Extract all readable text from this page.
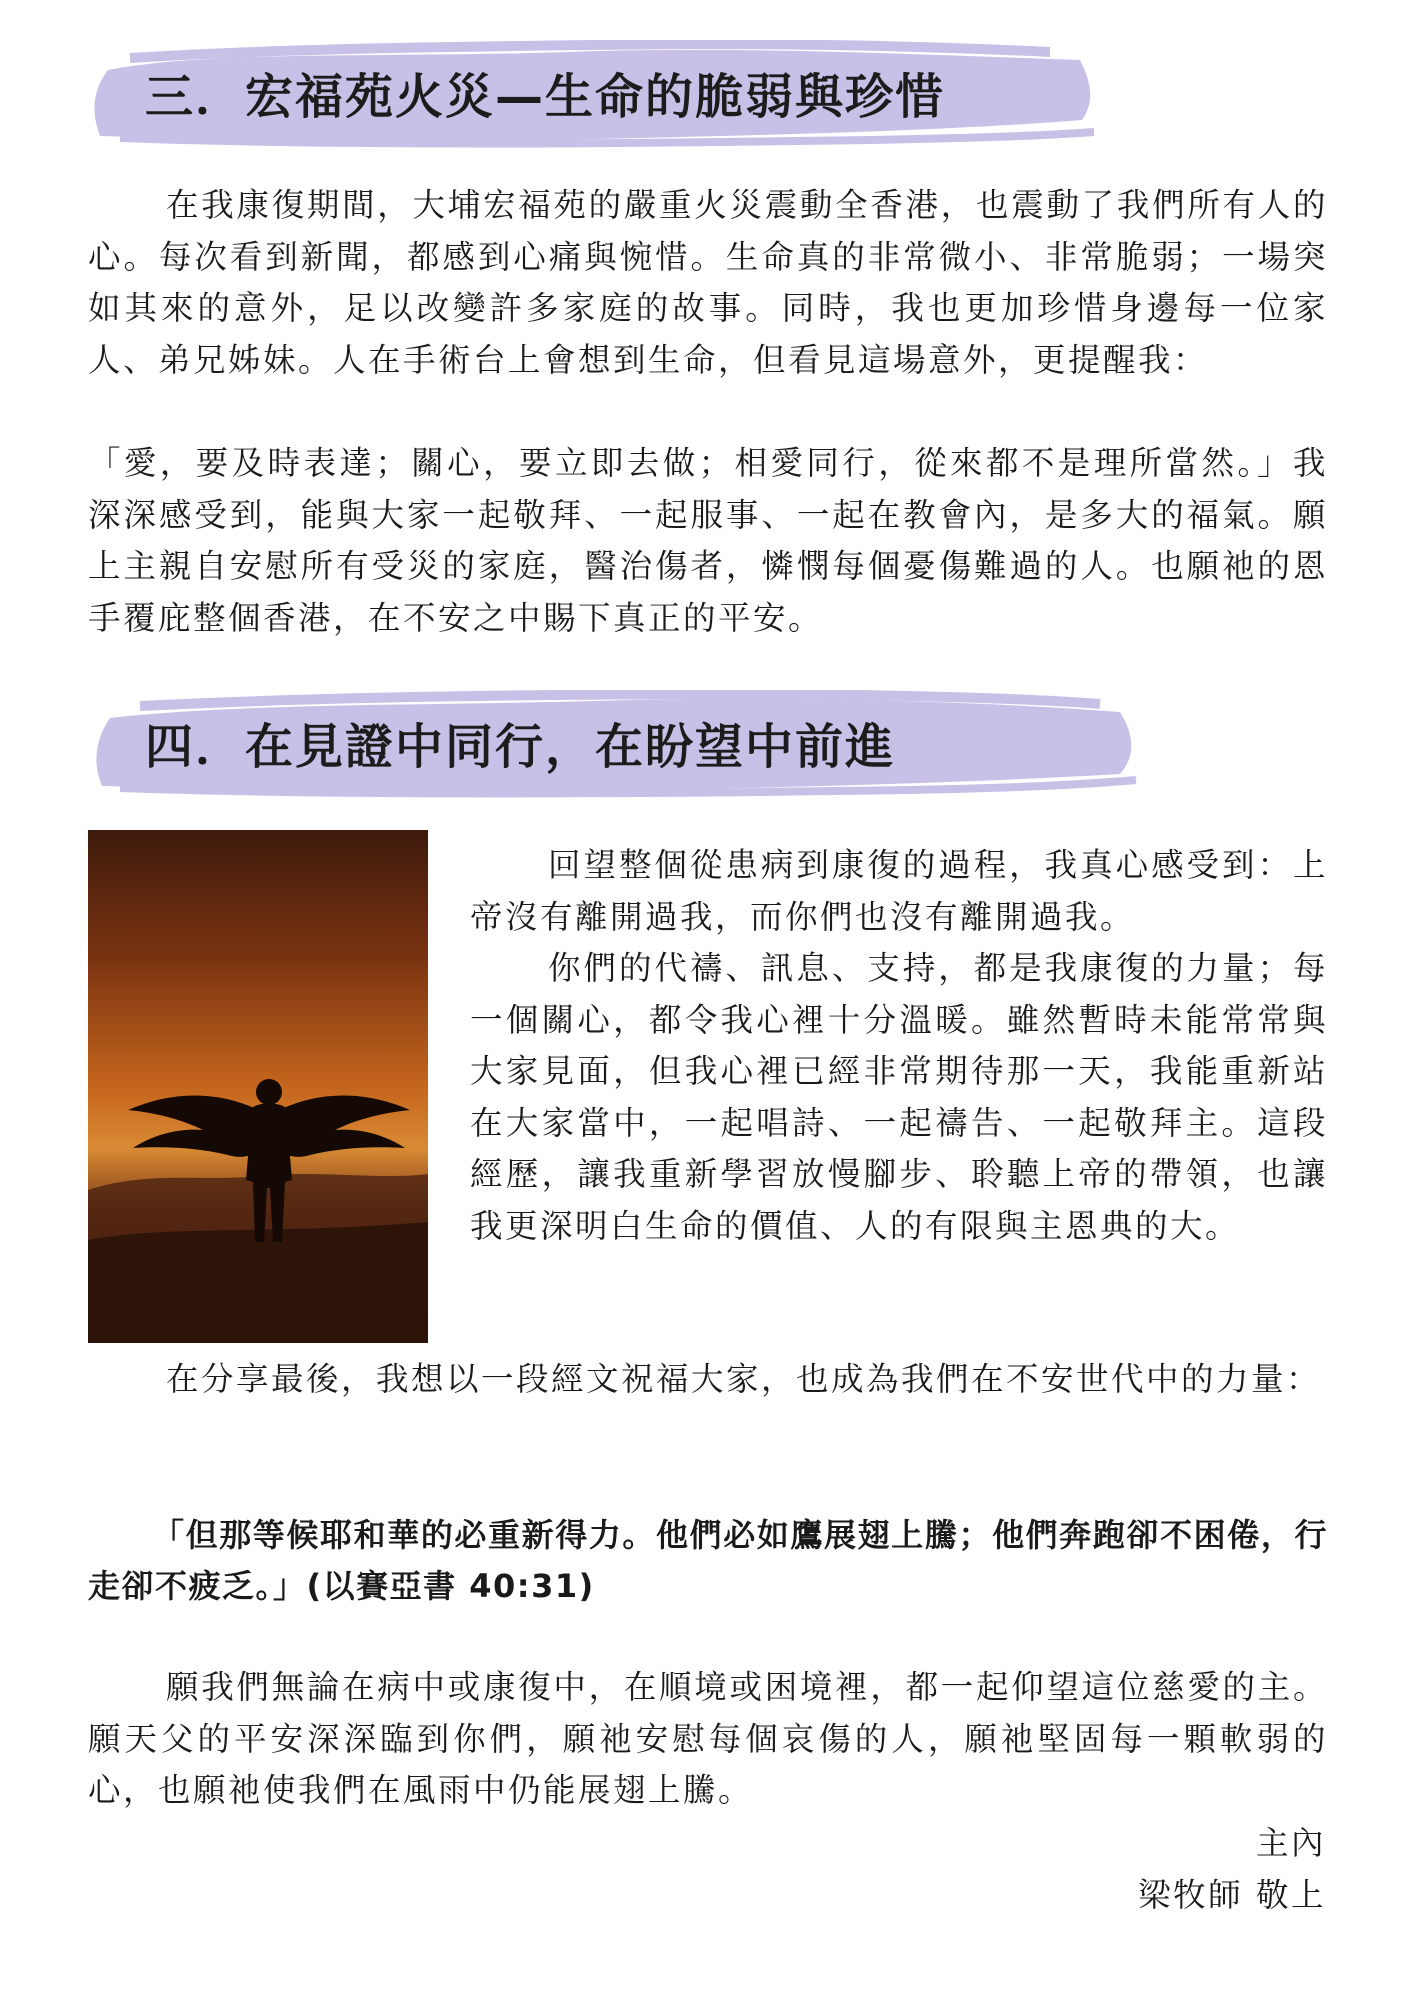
三．宏福苑火災—生命的脆弱與珍惜

在我康復期間，大埔宏福苑的嚴重火災震動全香港，也震動了我們所有人的心。每次看到新聞，都感到心痛與惋惜。生命真的非常微小、非常脆弱；一場突如其來的意外，足以改變許多家庭的故事。同時，我也更加珍惜身邊每一位家人、弟兄姊妹。人在手術台上會想到生命，但看見這場意外，更提醒我：

「愛，要及時表達；關心，要立即去做；相愛同行，從來都不是理所當然。」我深深感受到，能與大家一起敬拜、一起服事、一起在教會內，是多大的福氣。願上主親自安慰所有受災的家庭，醫治傷者，憐憫每個憂傷難過的人。也願祂的恩手覆庇整個香港，在不安之中賜下真正的平安。

四．在見證中同行，在盼望中前進

回望整個從患病到康復的過程，我真心感受到：上帝沒有離開過我，而你們也沒有離開過我。

你們的代禱、訊息、支持，都是我康復的力量；每一個關心，都令我心裡十分溫暖。雖然暫時未能常常與大家見面，但我心裡已經非常期待那一天，我能重新站在大家當中，一起唱詩、一起禱告、一起敬拜主。這段經歷，讓我重新學習放慢腳步、聆聽上帝的帶領，也讓我更深明白生命的價值、人的有限與主恩典的大。

在分享最後，我想以一段經文祝福大家，也成為我們在不安世代中的力量：

「但那等候耶和華的必重新得力。他們必如鷹展翅上騰；他們奔跑卻不困倦，行走卻不疲乏。」(以賽亞書 40:31)

願我們無論在病中或康復中，在順境或困境裡，都一起仰望這位慈愛的主。願天父的平安深深臨到你們，願祂安慰每個哀傷的人，願祂堅固每一顆軟弱的心，也願祂使我們在風雨中仍能展翅上騰。

主內

梁牧師 敬上
